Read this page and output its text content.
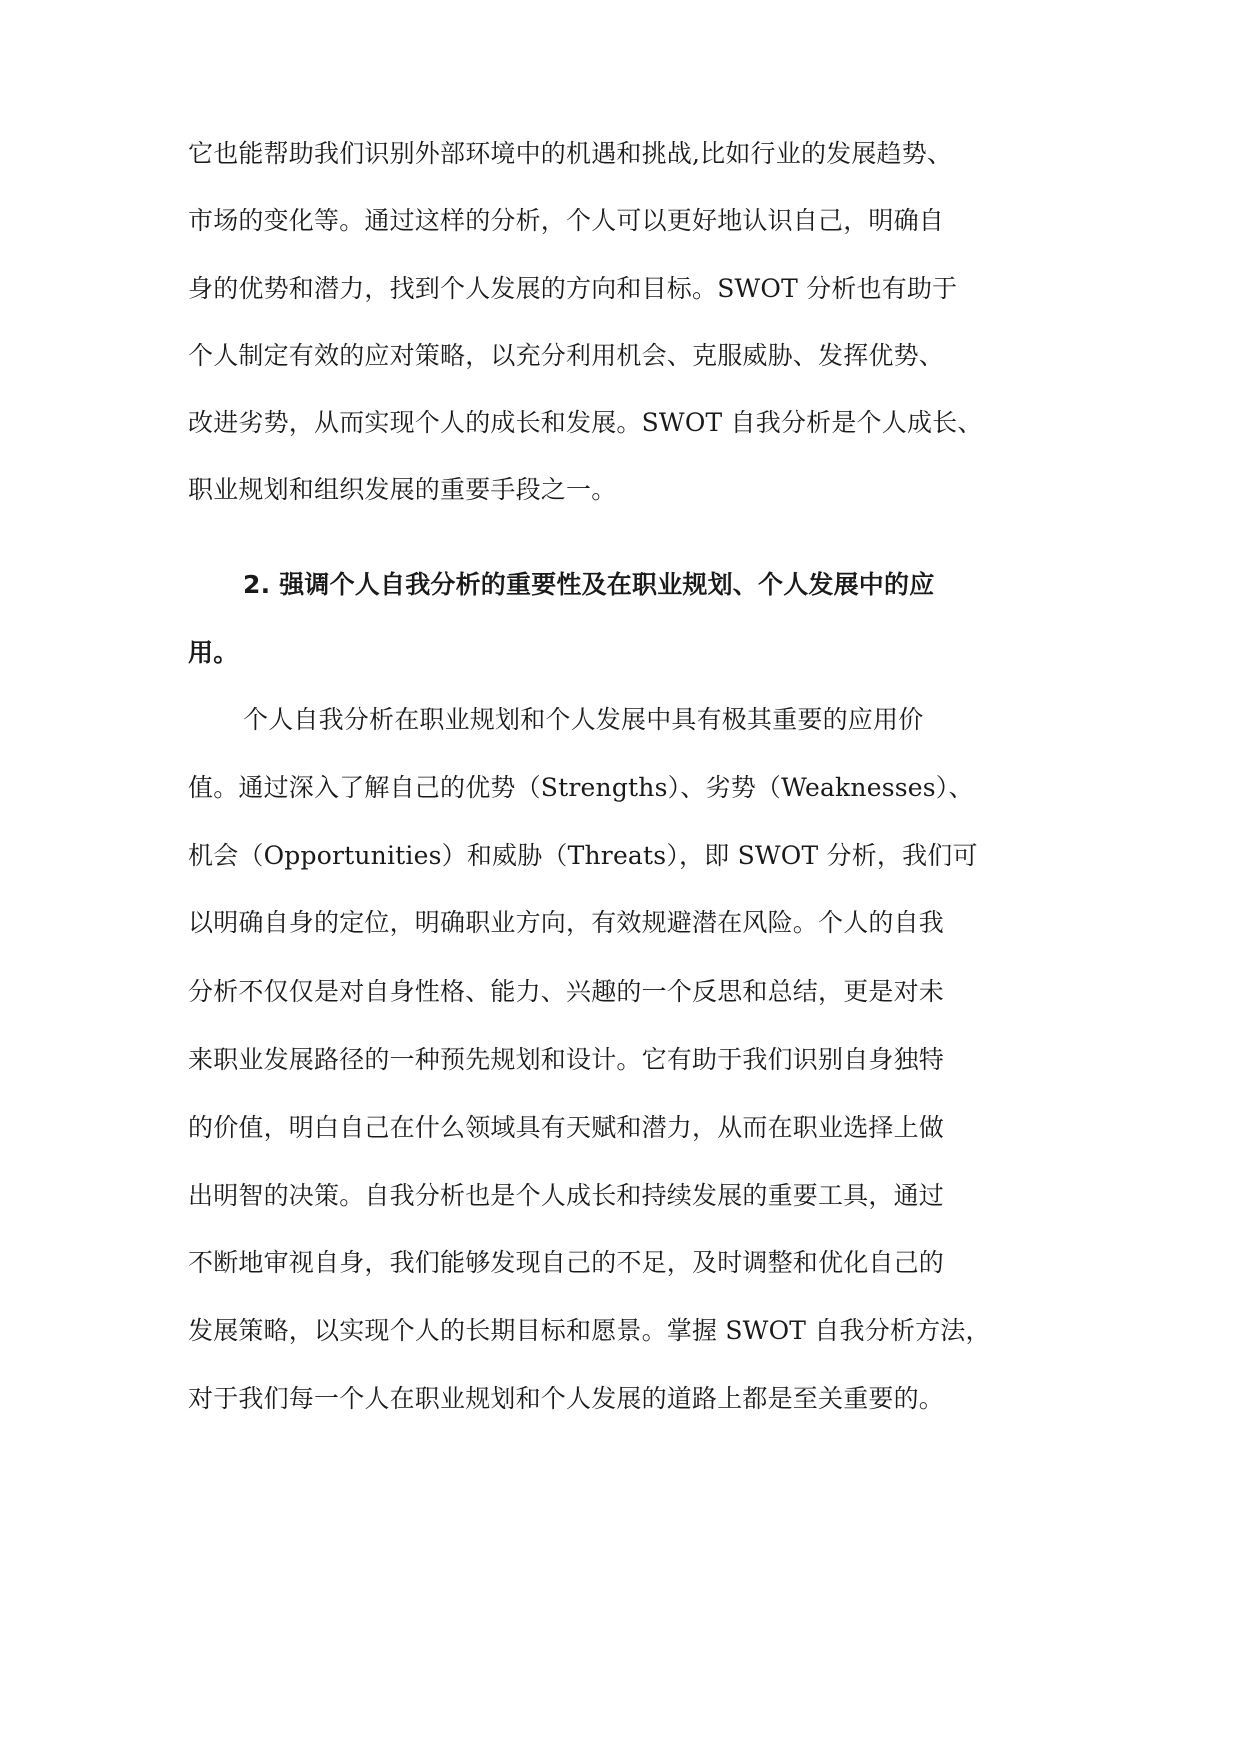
它也能帮助我们识别外部环境中的机遇和挑战,比如行业的发展趋势、
市场的变化等。通过这样的分析，个人可以更好地认识自己，明确自
身的优势和潜力，找到个人发展的方向和目标。SWOT 分析也有助于
个人制定有效的应对策略，以充分利用机会、克服威胁、发挥优势、
改进劣势，从而实现个人的成长和发展。SWOT 自我分析是个人成长、
职业规划和组织发展的重要手段之一。
2. 强调个人自我分析的重要性及在职业规划、个人发展中的应
用。
个人自我分析在职业规划和个人发展中具有极其重要的应用价
值。通过深入了解自己的优势（Strengths）、劣势（Weaknesses）、
机会（Opportunities）和威胁（Threats），即 SWOT 分析，我们可
以明确自身的定位，明确职业方向，有效规避潜在风险。个人的自我
分析不仅仅是对自身性格、能力、兴趣的一个反思和总结，更是对未
来职业发展路径的一种预先规划和设计。它有助于我们识别自身独特
的价值，明白自己在什么领域具有天赋和潜力，从而在职业选择上做
出明智的决策。自我分析也是个人成长和持续发展的重要工具，通过
不断地审视自身，我们能够发现自己的不足，及时调整和优化自己的
发展策略，以实现个人的长期目标和愿景。掌握 SWOT 自我分析方法，
对于我们每一个人在职业规划和个人发展的道路上都是至关重要的。
